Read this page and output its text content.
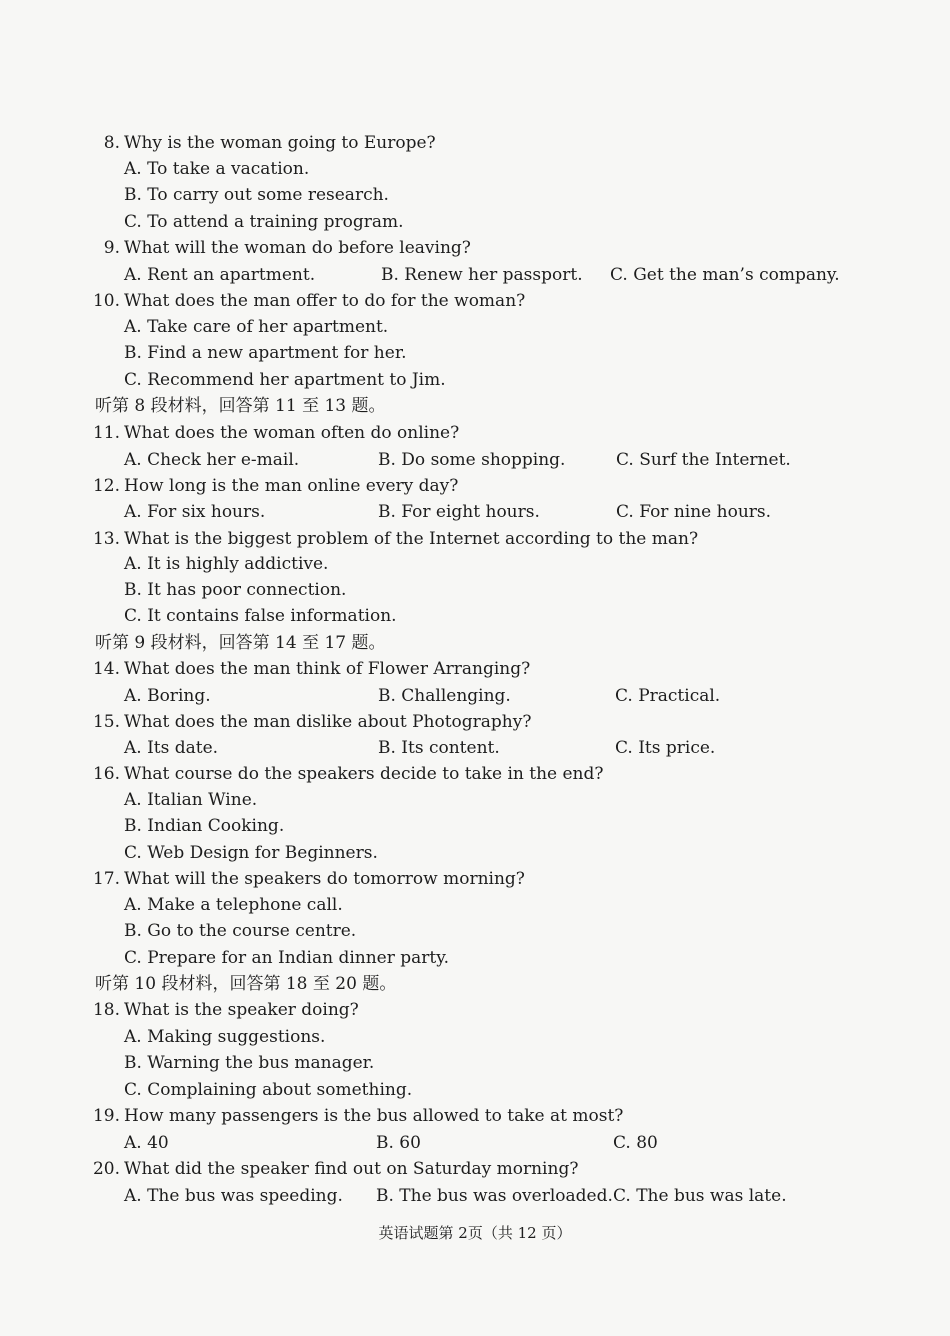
8. Why is the woman going to Europe?
A. To take a vacation.
B. To carry out some research.
C. To attend a training program.
9. What will the woman do before leaving?
A. Rent an apartment.	B. Renew her passport. C. Get the man’s company.
10. What does the man offer to do for the woman?
A. Take care of her apartment.
B. Find a new apartment for her.
C. Recommend her apartment to Jim.
听第 8 段材料，回答第 11 至 13 题。
11. What does the woman often do online?
A. Check her e-mail.	B. Do some shopping.	C. Surf the Internet.
12. How long is the man online every day?
A. For six hours.	B. For eight hours.	C. For nine hours.
13. What is the biggest problem of the Internet according to the man?
A. It is highly addictive.
B. It has poor connection.
C. It contains false information.
听第 9 段材料，回答第 14 至 17 题。
14. What does the man think of Flower Arranging?
A. Boring.	B. Challenging.	C. Practical.
15. What does the man dislike about Photography?
A. Its date.	B. Its content.	C. Its price.
16. What course do the speakers decide to take in the end?
A. Italian Wine.
B. Indian Cooking.
C. Web Design for Beginners.
17. What will the speakers do tomorrow morning?
A. Make a telephone call.
B. Go to the course centre.
C. Prepare for an Indian dinner party.
听第 10 段材料，回答第 18 至 20 题。
18. What is the speaker doing?
A. Making suggestions.
B. Warning the bus manager.
C. Complaining about something.
19. How many passengers is the bus allowed to take at most?
A. 40	B. 60	C. 80
20. What did the speaker find out on Saturday morning?
A. The bus was speeding. B. The bus was overloaded. C. The bus was late.
英语试题第 2页（共 12 页）
